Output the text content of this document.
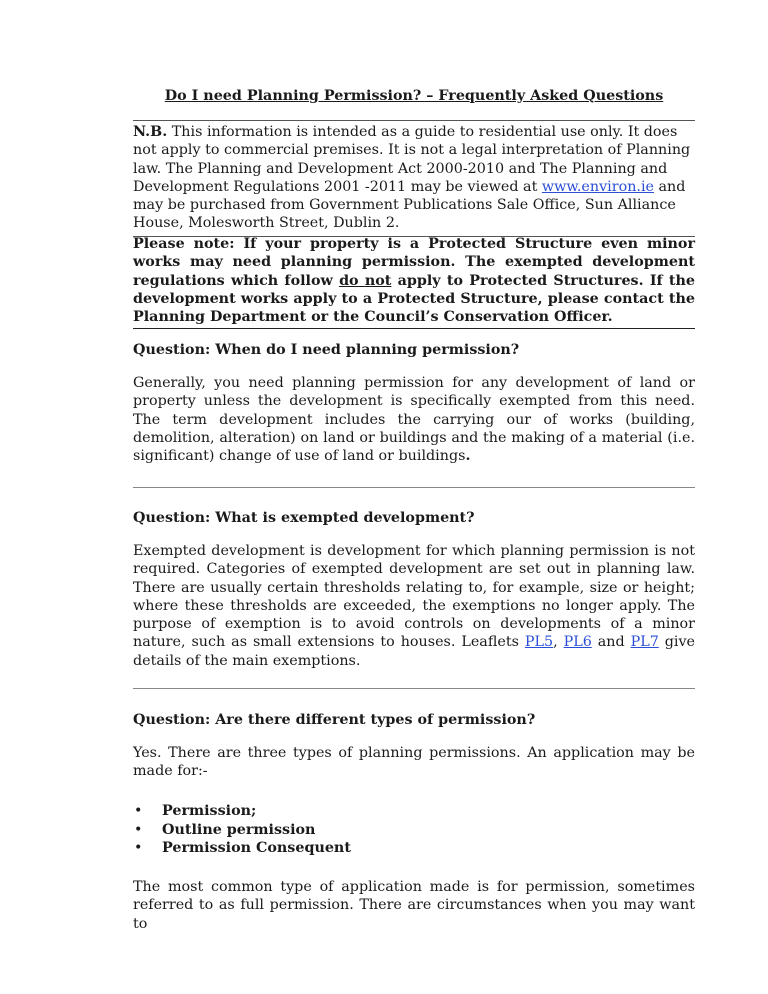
Do I need Planning Permission? – Frequently Asked Questions

N.B. This information is intended as a guide to residential use only. It does not apply to commercial premises. It is not a legal interpretation of Planning law. The Planning and Development Act 2000-2010 and The Planning and Development Regulations 2001 -2011 may be viewed at www.environ.ie and may be purchased from Government Publications Sale Office, Sun Alliance House, Molesworth Street, Dublin 2.

Please note: If your property is a Protected Structure even minor works may need planning permission. The exempted development regulations which follow do not apply to Protected Structures. If the development works apply to a Protected Structure, please contact the Planning Department or the Council’s Conservation Officer.

Question: When do I need planning permission?

Generally, you need planning permission for any development of land or property unless the development is specifically exempted from this need. The term development includes the carrying our of works (building, demolition, alteration) on land or buildings and the making of a material (i.e. significant) change of use of land or buildings.

Question: What is exempted development?

Exempted development is development for which planning permission is not required. Categories of exempted development are set out in planning law. There are usually certain thresholds relating to, for example, size or height; where these thresholds are exceeded, the exemptions no longer apply. The purpose of exemption is to avoid controls on developments of a minor nature, such as small extensions to houses. Leaflets PL5, PL6 and PL7 give details of the main exemptions.

Question: Are there different types of permission?

Yes. There are three types of planning permissions. An application may be made for:-

• Permission;
• Outline permission
• Permission Consequent

The most common type of application made is for permission, sometimes referred to as full permission. There are circumstances when you may want to
